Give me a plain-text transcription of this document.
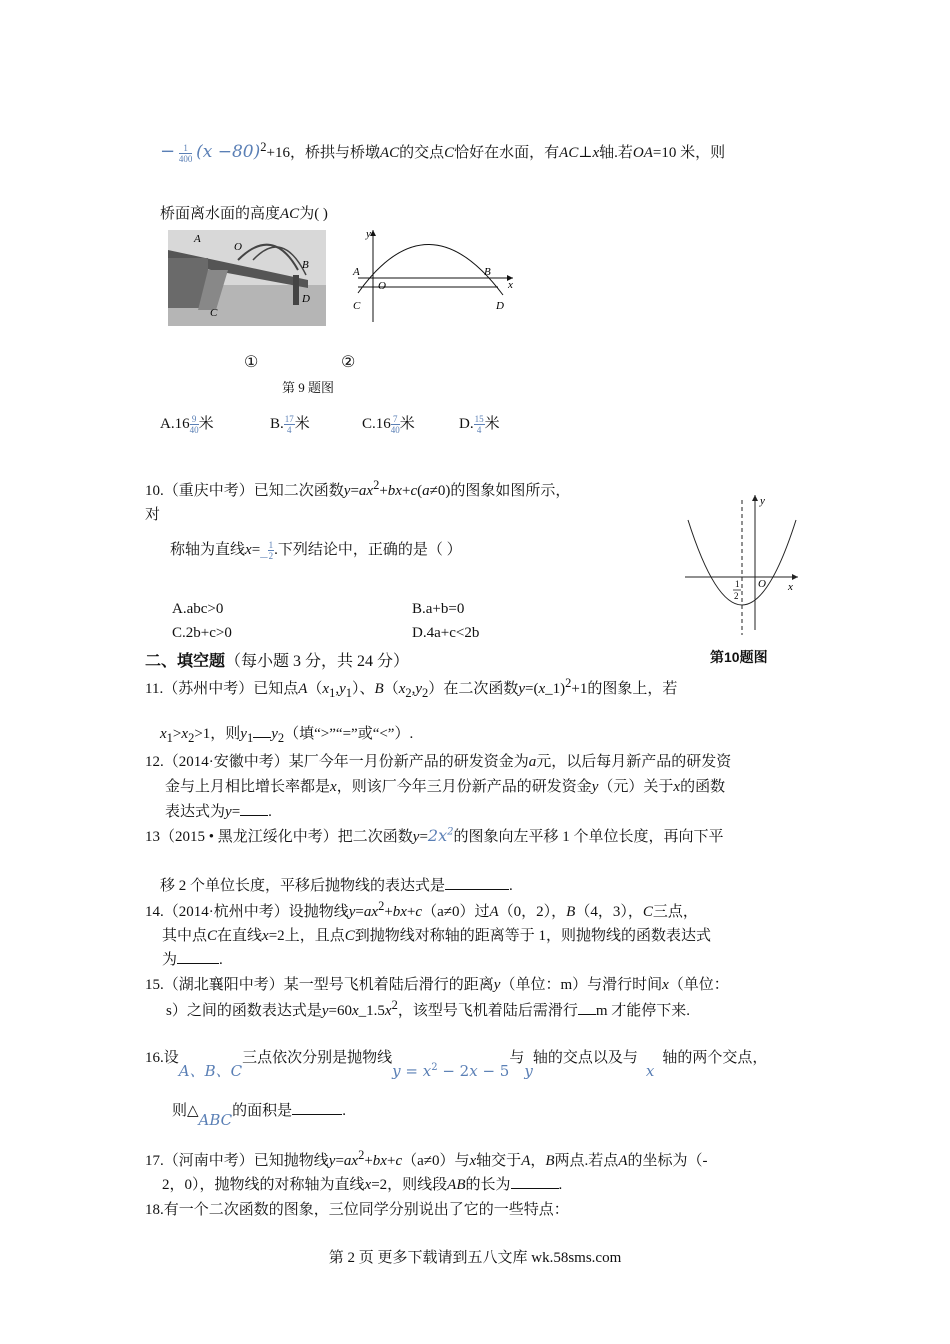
− $\frac{1}{400} (x -80)^2+16$，桥拱与桥墩AC的交点C恰好在水面，有AC⊥x轴.若OA=10 米，则
桥面离水面的高度AC为( )
A
O
B
D
C
y
x
A
O
B
C	D
①	②
第 9 题图
$A.16 \frac{9}{40}$ 米	B. $\frac{17}{4}$ 米	$C.16 \frac{7}{40}$ 米	D. $\frac{15}{4}$ 米
10.（重庆中考）已知二次函数$y=ax^2+bx+c(a\ne 0)$的图象如图所示，
对
称轴为直线x=_ $\frac{1}{2}$ .下列结论中，正确的是（ ）
y
x
O
1
2
A.abc>0	B.a+b=0
C.2b+c>0	D.4a+c<2b
第10题图
二、填空题（每小题 3 分，共 24 分）
11.（苏州中考）已知点$A(x_1,y_1)$、$B(x_2,y_2)$在二次函数y=(x_1)$^2$+1的图象上，若
$x_1>x_2>1$，则$y_1$ $y_2$（填“>”“=”或“<”）.
12.（2014·安徽中考）某厂今年一月份新产品的研发资金为a元，以后每月新产品的研发资
金与上月相比增长率都是x，则该厂今年三月份新产品的研发资金y（元）关于x的函数
表达式为y= .
13（2015 • 黑龙江绥化中考）把二次函数$y=2x^2$的图象向左平移 1 个单位长度，再向下平
移 2 个单位长度，平移后抛物线的表达式是	.
14.（2014·杭州中考）设抛物线$y=ax^2+bx+c(a\ne 0)$过A（0，2），B（4，3），C三点，
其中点C在直线x=2上，且点C到抛物线对称轴的距离等于 1，则抛物线的函数表达式
为	.
15.（湖北襄阳中考）某一型号飞机着陆后滑行的距离y（单位：m）与滑行时间x（单位：
s）之间的函数表达式是$y=60x\_1.5x^2$，该型号飞机着陆后需滑行 m 才能停下来.
16.设A、B、C三点依次分别是抛物线$y = x^2 - 2x - 5$与y轴的交点以及与x轴的两个交点，
则△ABC的面积是	.
17.（河南中考）已知抛物线$y=ax^2+bx+c(a\ne 0)$与x轴交于A，B两点.若点A的坐标为（-
2，0），抛物线的对称轴为直线x=2，则线段AB的长为	.
18.有一个二次函数的图象，三位同学分别说出了它的一些特点：
第 2 页 更多下载请到五八文库 wk.58sms.com
